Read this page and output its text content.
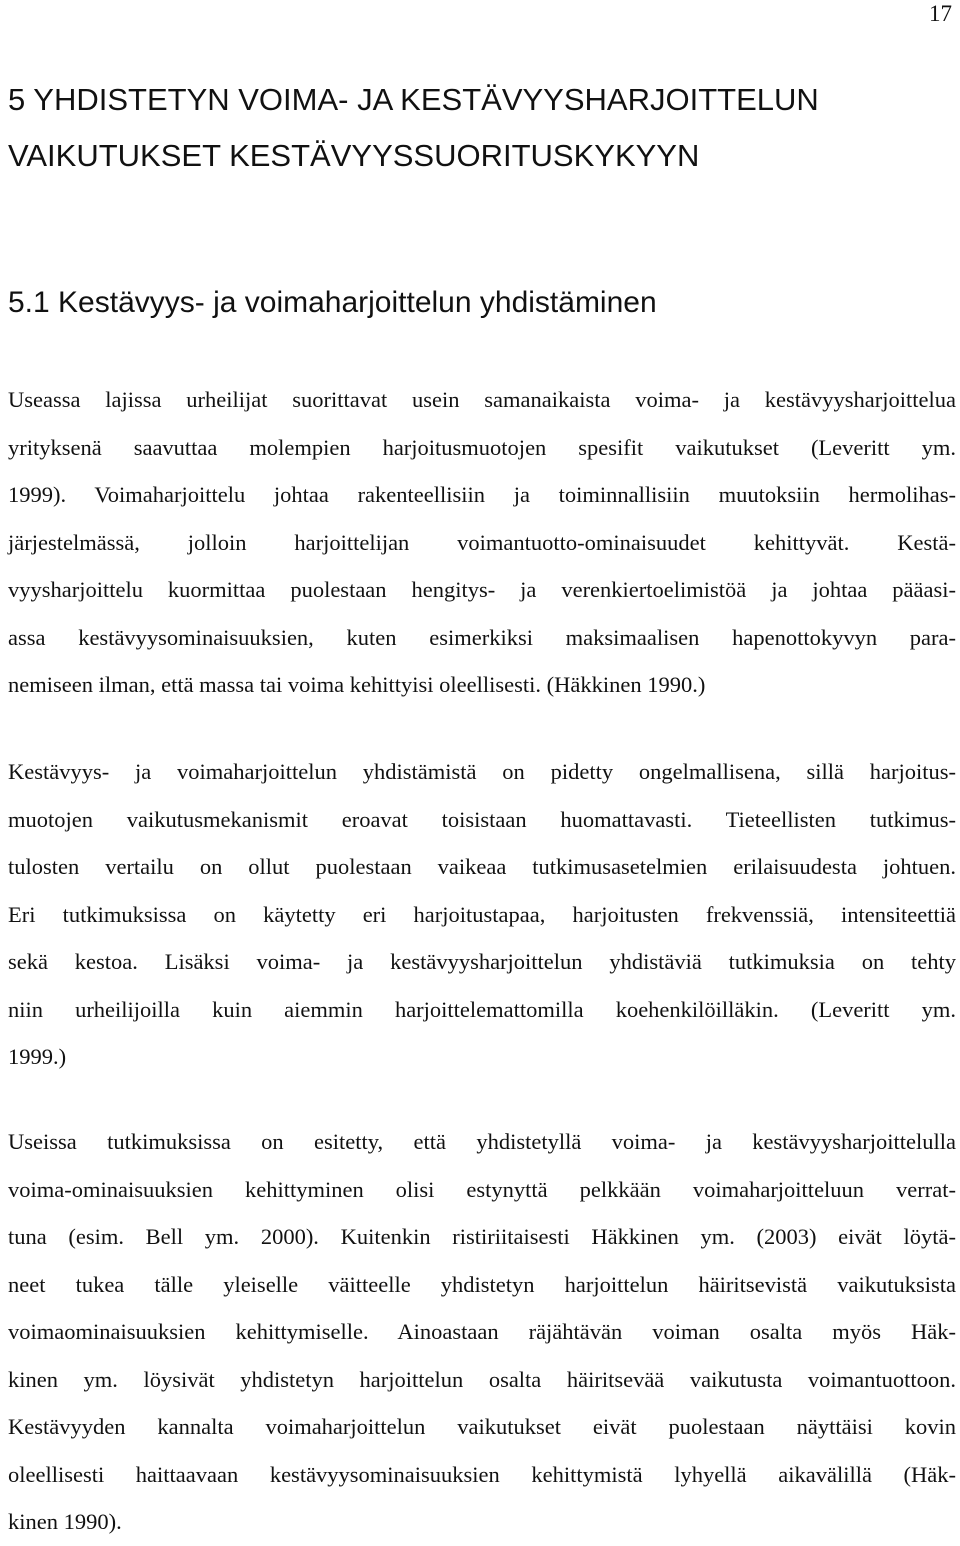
17
5 YHDISTETYN VOIMA- JA KESTÄVYYSHARJOITTELUN
VAIKUTUKSET KESTÄVYYSSUORITUSKYKYYN
5.1 Kestävyys- ja voimaharjoittelun yhdistäminen

Useassa lajissa urheilijat suorittavat usein samanaikaista voima- ja kestävyysharjoittelua
yrityksenä saavuttaa molempien harjoitusmuotojen spesifit vaikutukset (Leveritt ym.
1999). Voimaharjoittelu johtaa rakenteellisiin ja toiminnallisiin muutoksiin hermolihas-
järjestelmässä, jolloin harjoittelijan voimantuotto-ominaisuudet kehittyvät. Kestä-
vyysharjoittelu kuormittaa puolestaan hengitys- ja verenkiertoelimistöä ja johtaa pääasi-
assa kestävyysominaisuuksien, kuten esimerkiksi maksimaalisen hapenottokyvyn para-
nemiseen ilman, että massa tai voima kehittyisi oleellisesti. (Häkkinen 1990.)

Kestävyys- ja voimaharjoittelun yhdistämistä on pidetty ongelmallisena, sillä harjoitus-
muotojen vaikutusmekanismit eroavat toisistaan huomattavasti. Tieteellisten tutkimus-
tulosten vertailu on ollut puolestaan vaikeaa tutkimusasetelmien erilaisuudesta johtuen.
Eri tutkimuksissa on käytetty eri harjoitustapaa, harjoitusten frekvenssiä, intensiteettiä
sekä kestoa. Lisäksi voima- ja kestävyysharjoittelun yhdistäviä tutkimuksia on tehty
niin urheilijoilla kuin aiemmin harjoittelemattomilla koehenkilöilläkin. (Leveritt ym.
1999.)

Useissa tutkimuksissa on esitetty, että yhdistetyllä voima- ja kestävyysharjoittelulla
voima-ominaisuuksien kehittyminen olisi estynyttä pelkkään voimaharjoitteluun verrat-
tuna (esim. Bell ym. 2000). Kuitenkin ristiriitaisesti Häkkinen ym. (2003) eivät löytä-
neet tukea tälle yleiselle väitteelle yhdistetyn harjoittelun häiritsevistä vaikutuksista
voimaominaisuuksien kehittymiselle. Ainoastaan räjähtävän voiman osalta myös Häk-
kinen ym. löysivät yhdistetyn harjoittelun osalta häiritsevää vaikutusta voimantuottoon.
Kestävyyden kannalta voimaharjoittelun vaikutukset eivät puolestaan näyttäisi kovin
oleellisesti haittaavaan kestävyysominaisuuksien kehittymistä lyhyellä aikavälillä (Häk-
kinen 1990).
